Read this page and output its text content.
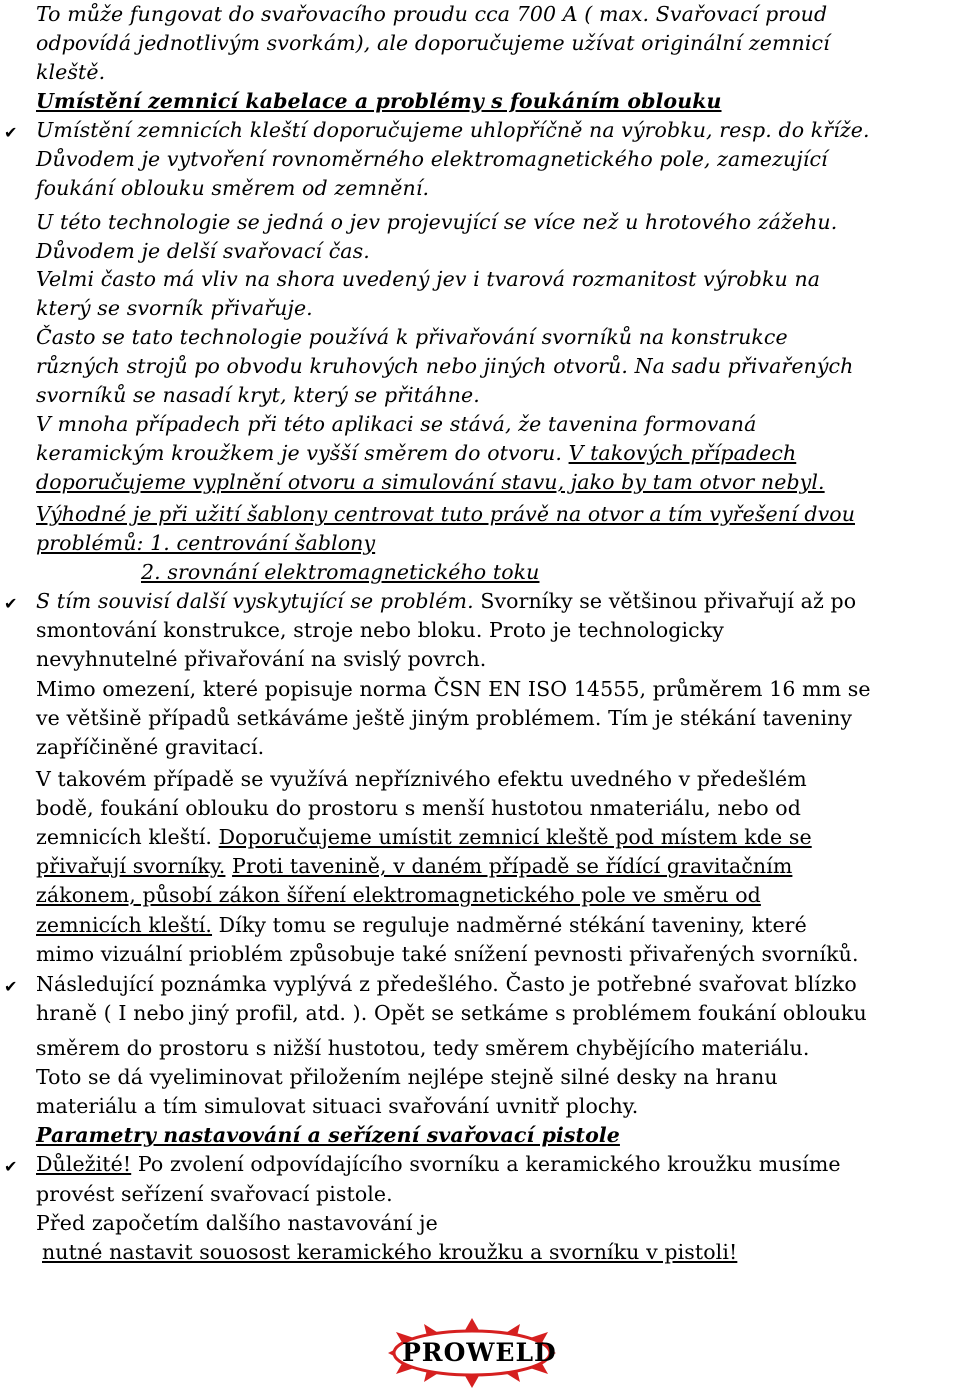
To může fungovat do svařovacího proudu cca 700 A ( max. Svařovací proud
odpovídá jednotlivým svorkám), ale doporučujeme užívat originální zemnicí
kleště.
Umístění zemnicí kabelace a problémy s foukáním oblouku
Umístění zemnicích kleští doporučujeme uhlopříčně na výrobku, resp. do kříže.
Důvodem je vytvoření rovnoměrného elektromagnetického pole, zamezující
foukání oblouku směrem od zemnění.
U této technologie se jedná o jev projevující se více než u hrotového zážehu.
Důvodem je delší svařovací čas.
Velmi často má vliv na shora uvedený jev i tvarová rozmanitost výrobku na
který se svorník přivařuje.
Často se tato technologie používá k přivařování svorníků na konstrukce
různých strojů po obvodu kruhových nebo jiných otvorů. Na sadu přivařených
svorníků se nasadí kryt, který se přitáhne.
V mnoha případech při této aplikaci se stává, že tavenina formovaná
keramickým kroužkem je vyšší směrem do otvoru. V takových případech
doporučujeme vyplnění otvoru a simulování stavu, jako by tam otvor nebyl.
Výhodné je při užití šablony centrovat tuto právě na otvor a tím vyřešení dvou
problémů: 1. centrování šablony
2. srovnání elektromagnetického toku
S tím souvisí další vyskytující se problém. Svorníky se většinou přivařují až po
smontování konstrukce, stroje nebo bloku. Proto je technologicky
nevyhnutelné přivařování na svislý povrch.
Mimo omezení, které popisuje norma ČSN EN ISO 14555, průměrem 16 mm se
ve většině případů setkáváme ještě jiným problémem. Tím je stékání taveniny
zapříčiněné gravitací.
V takovém případě se využívá nepříznivého efektu uvedného v předešlém
bodě, foukání oblouku do prostoru s menší hustotou nmateriálu, nebo od
zemnicích kleští. Doporučujeme umístit zemnicí kleště pod místem kde se
přivařují svorníky. Proti tavenině, v daném případě se řídící gravitačním
zákonem, působí zákon šíření elektromagnetického pole ve směru od
zemnicích kleští. Díky tomu se reguluje nadměrné stékání taveniny, které
mimo vizuální prioblém způsobuje také snížení pevnosti přivařených svorníků.
Následující poznámka vyplývá z předešlého. Často je potřebné svařovat blízko
hraně ( I nebo jiný profil, atd. ). Opět se setkáme s problémem foukání oblouku
směrem do prostoru s nižší hustotou, tedy směrem chybějícího materiálu.
Toto se dá vyeliminovat přiložením nejlépe stejně silné desky na hranu
materiálu a tím simulovat situaci svařování uvnitř plochy.
Parametry nastavování a seřízení svařovací pistole
Důležité! Po zvolení odpovídajícího svorníku a keramického kroužku musíme
provést seřízení svařovací pistole.
Před započetím dalšího nastavování je
nutné nastavit souosost keramického kroužku a svorníku v pistoli!
✔
✔
✔
✔
PROWELD
